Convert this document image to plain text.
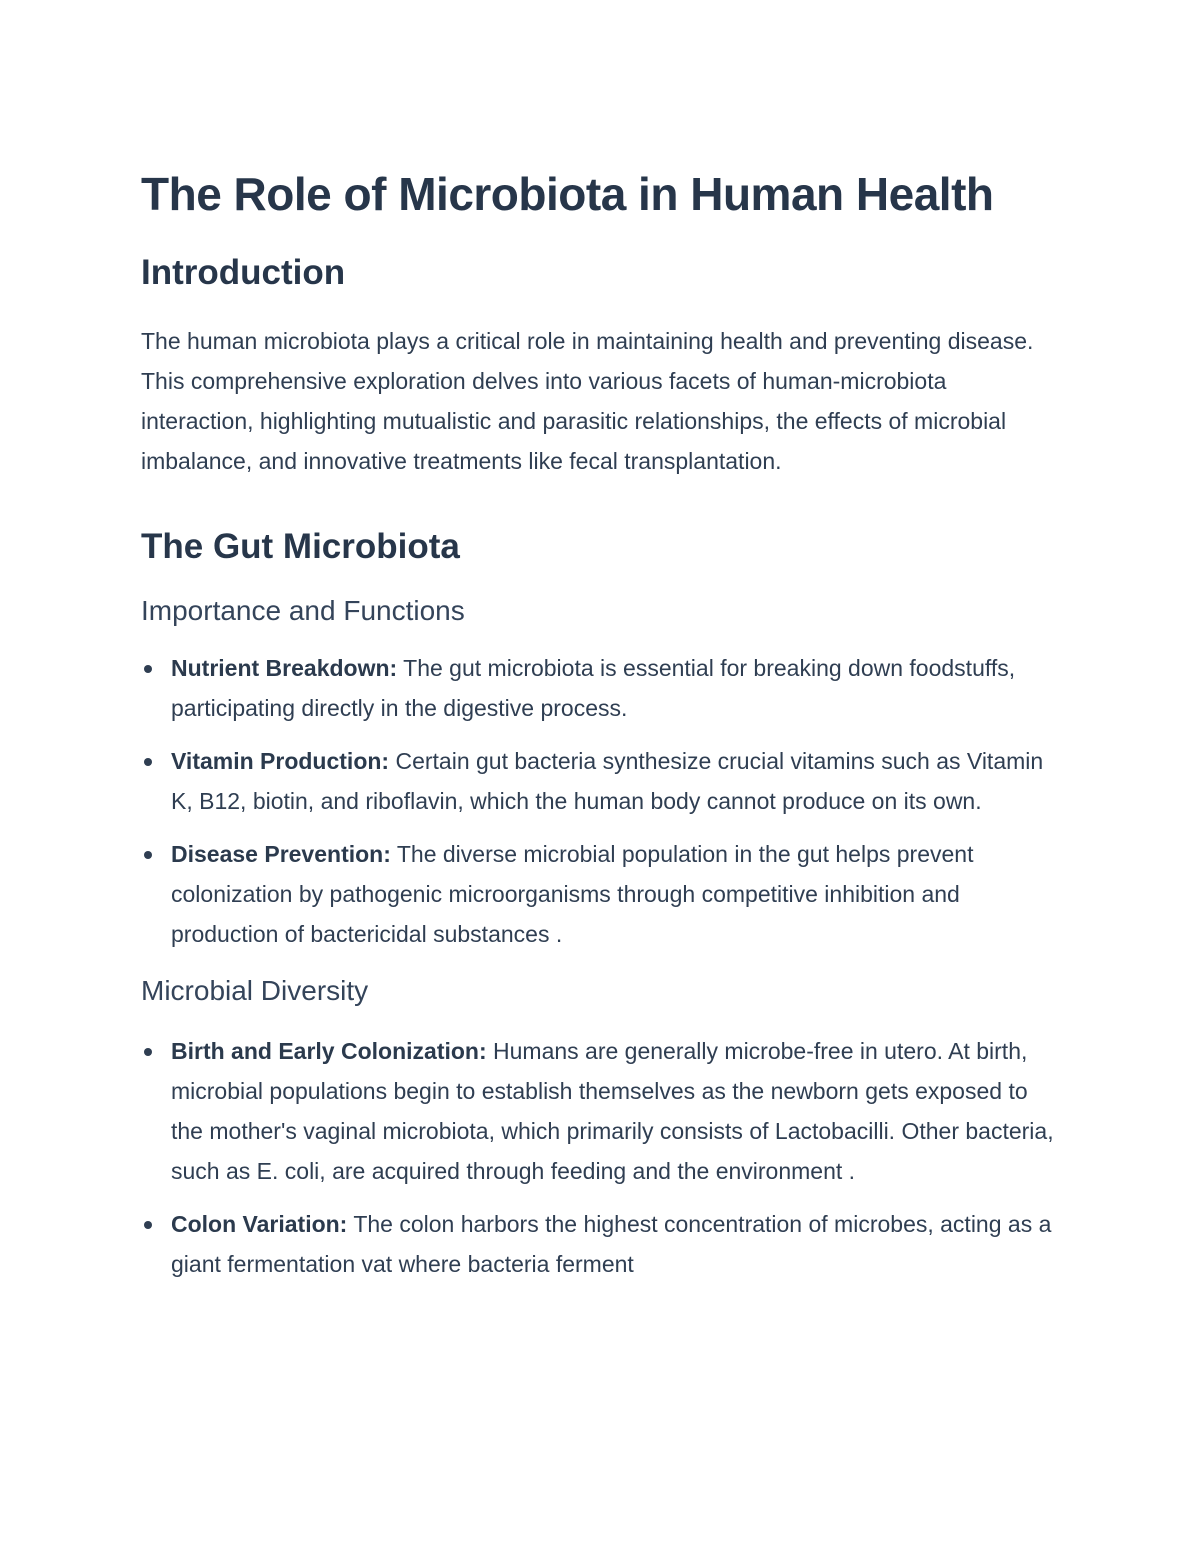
The Role of Microbiota in Human Health
Introduction

The human microbiota plays a critical role in maintaining health and preventing disease. This comprehensive exploration delves into various facets of human-microbiota interaction, highlighting mutualistic and parasitic relationships, the effects of microbial imbalance, and innovative treatments like fecal transplantation.

The Gut Microbiota
Importance and Functions
Nutrient Breakdown: The gut microbiota is essential for breaking down foodstuffs, participating directly in the digestive process.
Vitamin Production: Certain gut bacteria synthesize crucial vitamins such as Vitamin K, B12, biotin, and riboflavin, which the human body cannot produce on its own.
Disease Prevention: The diverse microbial population in the gut helps prevent colonization by pathogenic microorganisms through competitive inhibition and production of bactericidal substances .
Microbial Diversity
Birth and Early Colonization: Humans are generally microbe-free in utero. At birth, microbial populations begin to establish themselves as the newborn gets exposed to the mother's vaginal microbiota, which primarily consists of Lactobacilli. Other bacteria, such as E. coli, are acquired through feeding and the environment .
Colon Variation: The colon harbors the highest concentration of microbes, acting as a giant fermentation vat where bacteria ferment
